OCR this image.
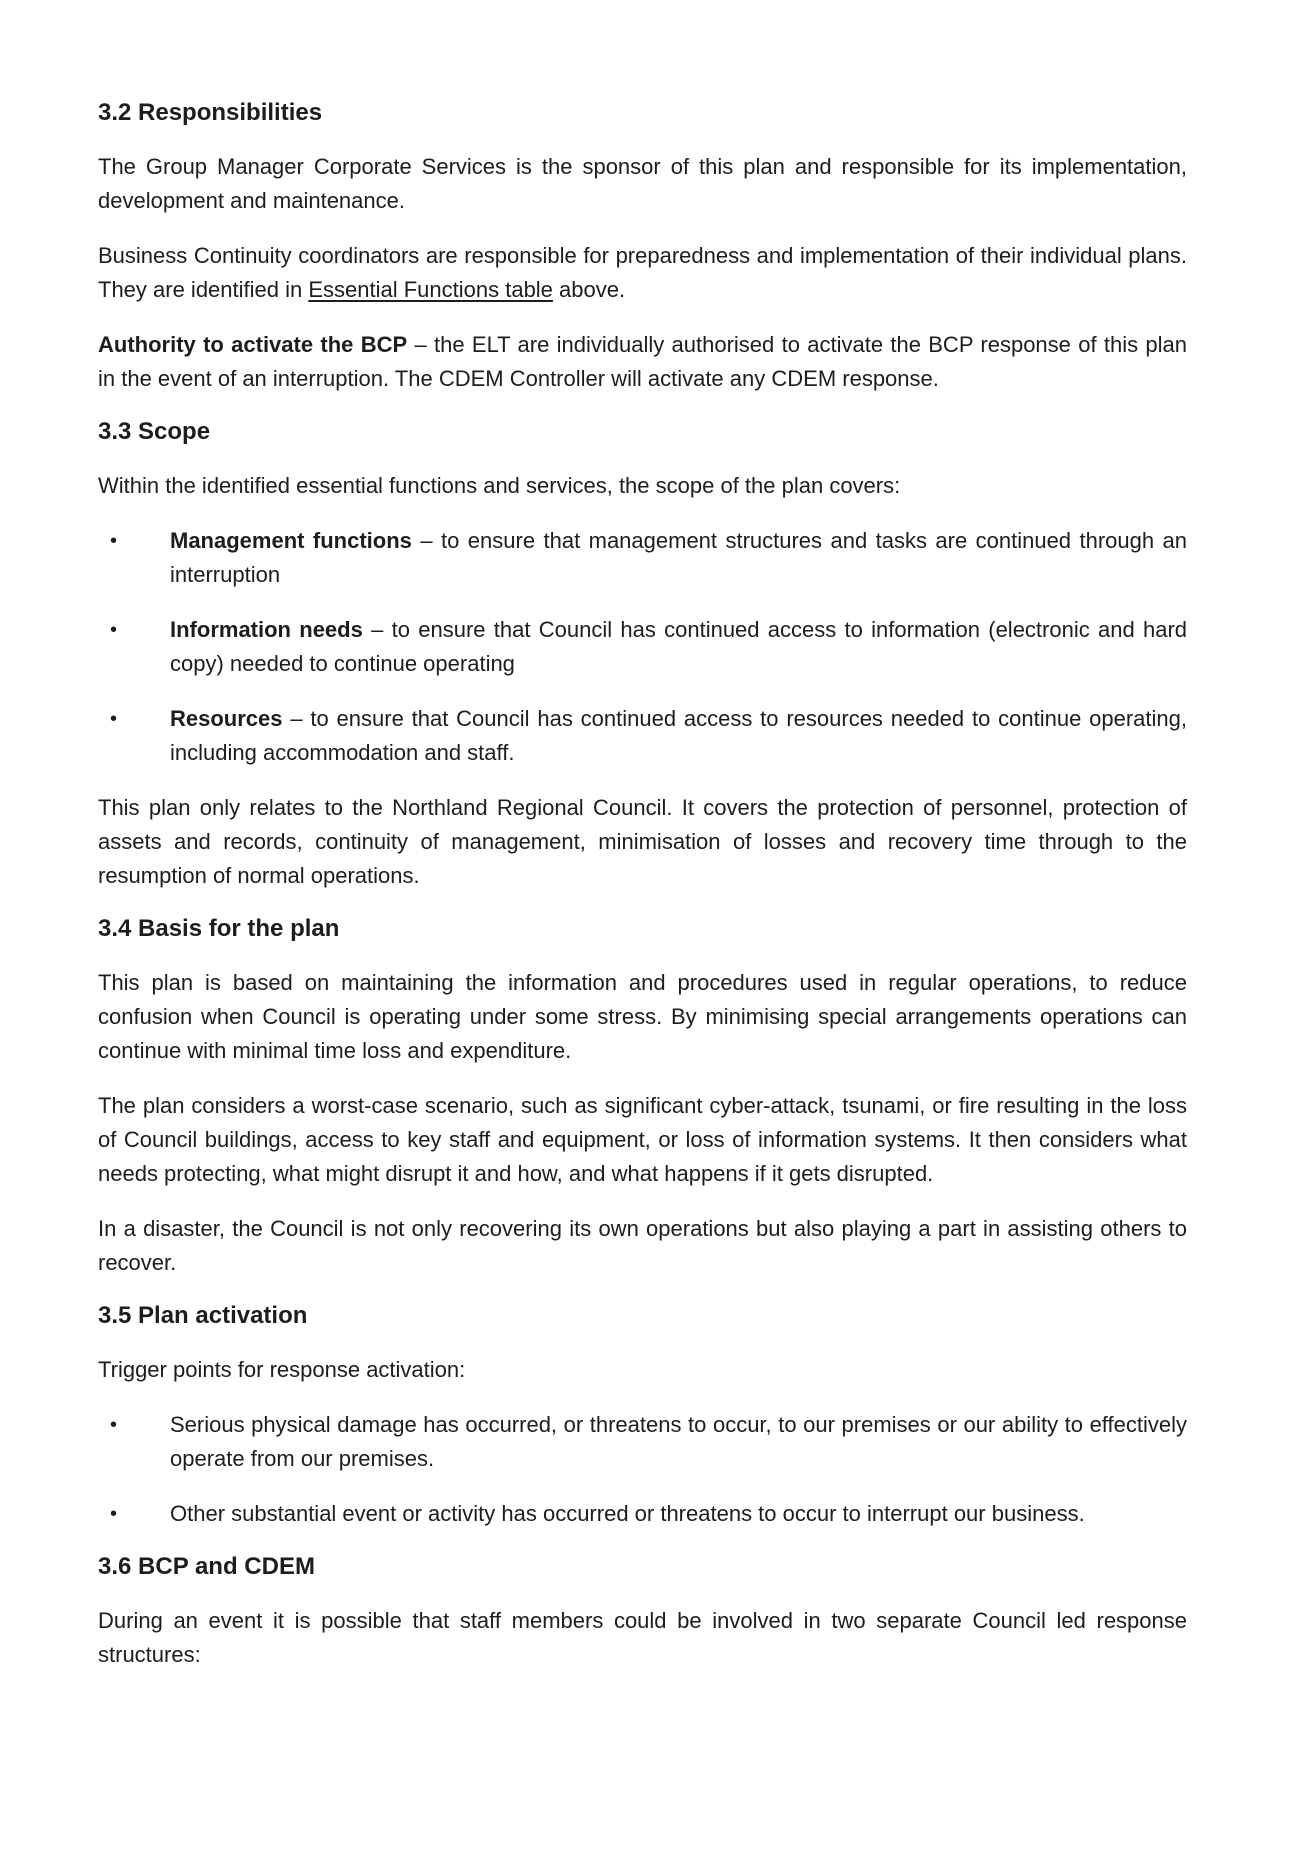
3.2 Responsibilities

The Group Manager Corporate Services is the sponsor of this plan and responsible for its implementation, development and maintenance.

Business Continuity coordinators are responsible for preparedness and implementation of their individual plans. They are identified in Essential Functions table above.

Authority to activate the BCP – the ELT are individually authorised to activate the BCP response of this plan in the event of an interruption. The CDEM Controller will activate any CDEM response.

3.3 Scope

Within the identified essential functions and services, the scope of the plan covers:

•	Management functions – to ensure that management structures and tasks are continued through an interruption
•	Information needs – to ensure that Council has continued access to information (electronic and hard copy) needed to continue operating
•	Resources – to ensure that Council has continued access to resources needed to continue operating, including accommodation and staff.

This plan only relates to the Northland Regional Council. It covers the protection of personnel, protection of assets and records, continuity of management, minimisation of losses and recovery time through to the resumption of normal operations.

3.4 Basis for the plan

This plan is based on maintaining the information and procedures used in regular operations, to reduce confusion when Council is operating under some stress. By minimising special arrangements operations can continue with minimal time loss and expenditure.

The plan considers a worst-case scenario, such as significant cyber-attack, tsunami, or fire resulting in the loss of Council buildings, access to key staff and equipment, or loss of information systems. It then considers what needs protecting, what might disrupt it and how, and what happens if it gets disrupted.

In a disaster, the Council is not only recovering its own operations but also playing a part in assisting others to recover.

3.5 Plan activation

Trigger points for response activation:

•	Serious physical damage has occurred, or threatens to occur, to our premises or our ability to effectively operate from our premises.
•	Other substantial event or activity has occurred or threatens to occur to interrupt our business.
3.6 BCP and CDEM

During an event it is possible that staff members could be involved in two separate Council led response structures:
